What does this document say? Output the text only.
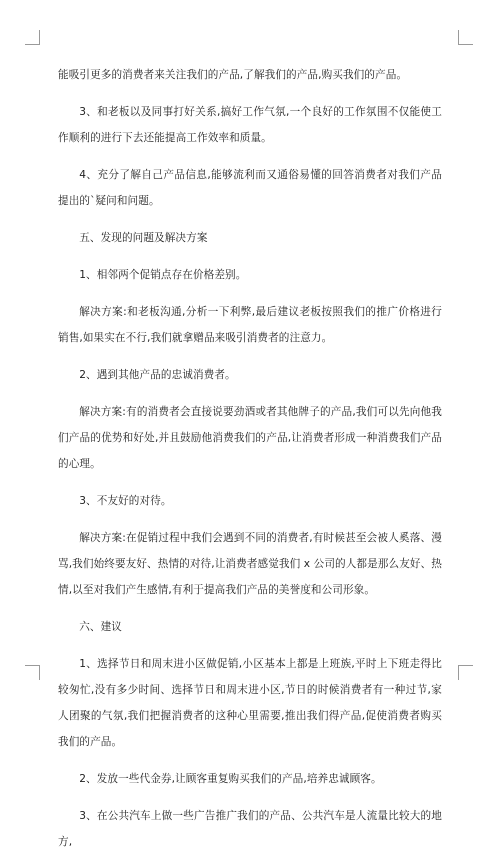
能吸引更多的消费者来关注我们的产品,了解我们的产品,购买我们的产品。

3、和老板以及同事打好关系,搞好工作气氛,一个良好的工作氛围不仅能使工作顺利的进行下去还能提高工作效率和质量。

4、充分了解自己产品信息,能够流利而又通俗易懂的回答消费者对我们产品提出的`疑问和问题。

五、发现的问题及解决方案

1、相邻两个促销点存在价格差别。

解决方案:和老板沟通,分析一下利弊,最后建议老板按照我们的推广价格进行销售,如果实在不行,我们就拿赠品来吸引消费者的注意力。

2、遇到其他产品的忠诚消费者。

解决方案:有的消费者会直接说要劲酒或者其他牌子的产品,我们可以先向他我们产品的优势和好处,并且鼓励他消费我们的产品,让消费者形成一种消费我们产品的心理。

3、不友好的对待。

解决方案:在促销过程中我们会遇到不同的消费者,有时候甚至会被人奚落、漫骂,我们始终要友好、热情的对待,让消费者感觉我们 x 公司的人都是那么友好、热情,以至对我们产生感情,有利于提高我们产品的美誉度和公司形象。

六、建议

1、选择节日和周末进小区做促销,小区基本上都是上班族,平时上下班走得比较匆忙,没有多少时间、选择节日和周末进小区,节日的时候消费者有一种过节,家人团聚的气氛,我们把握消费者的这种心里需要,推出我们得产品,促使消费者购买我们的产品。

2、发放一些代金券,让顾客重复购买我们的产品,培养忠诚顾客。

3、在公共汽车上做一些广告推广我们的产品、公共汽车是人流量比较大的地方,
